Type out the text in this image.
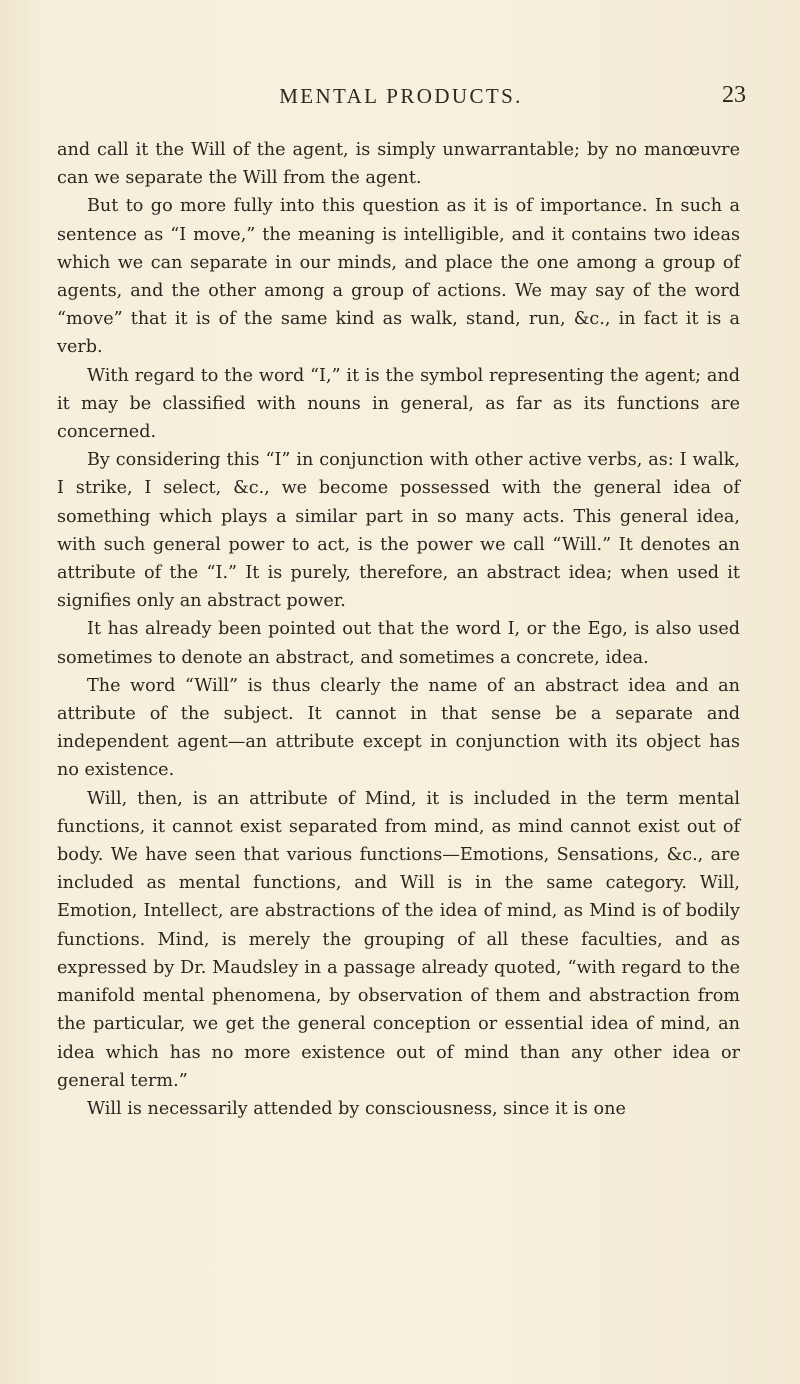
MENTAL PRODUCTS.	23

and call it the Will of the agent, is simply unwarrantable; by no manœuvre can we separate the Will from the agent.

But to go more fully into this question as it is of importance. In such a sentence as “I move,” the meaning is intelligible, and it contains two ideas which we can separate in our minds, and place the one among a group of agents, and the other among a group of actions. We may say of the word “move” that it is of the same kind as walk, stand, run, &c., in fact it is a verb.

With regard to the word “I,” it is the symbol representing the agent; and it may be classified with nouns in general, as far as its functions are concerned.

By considering this “I” in conjunction with other active verbs, as: I walk, I strike, I select, &c., we become possessed with the general idea of something which plays a similar part in so many acts. This general idea, with such general power to act, is the power we call “Will.” It denotes an attribute of the “I.” It is purely, therefore, an abstract idea; when used it signifies only an abstract power.

It has already been pointed out that the word I, or the Ego, is also used sometimes to denote an abstract, and sometimes a concrete, idea.

The word “Will” is thus clearly the name of an abstract idea and an attribute of the subject. It cannot in that sense be a separate and independent agent—an attribute except in conjunction with its object has no existence.

Will, then, is an attribute of Mind, it is included in the term mental functions, it cannot exist separated from mind, as mind cannot exist out of body. We have seen that various functions—Emotions, Sensations, &c., are included as mental functions, and Will is in the same category. Will, Emotion, Intellect, are abstractions of the idea of mind, as Mind is of bodily functions. Mind, is merely the grouping of all these faculties, and as expressed by Dr. Maudsley in a passage already quoted, “with regard to the manifold mental phenomena, by observation of them and abstraction from the particular, we get the general conception or essential idea of mind, an idea which has no more existence out of mind than any other idea or general term.”

Will is necessarily attended by consciousness, since it is one
